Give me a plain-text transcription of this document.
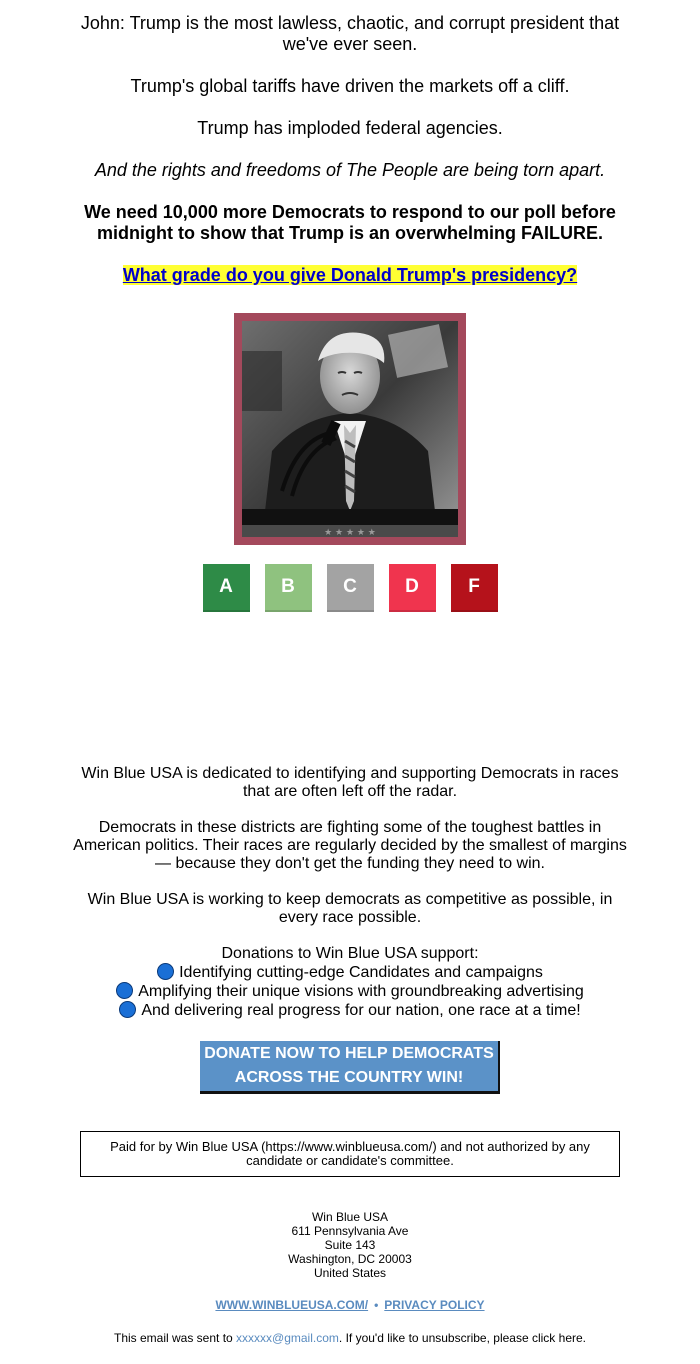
John: Trump is the most lawless, chaotic, and corrupt president that we've ever seen.

Trump's global tariffs have driven the markets off a cliff.

Trump has imploded federal agencies.

And the rights and freedoms of The People are being torn apart.

We need 10,000 more Democrats to respond to our poll before midnight to show that Trump is an overwhelming FAILURE.

What grade do you give Donald Trump's presidency?

★ ★ ★ ★ ★
A	B	C	D	F

Win Blue USA is dedicated to identifying and supporting Democrats in races that are often left off the radar.

Democrats in these districts are fighting some of the toughest battles in American politics. Their races are regularly decided by the smallest of margins — because they don't get the funding they need to win.

Win Blue USA is working to keep democrats as competitive as possible, in every race possible.

Donations to Win Blue USA support:

Identifying cutting-edge Candidates and campaigns

Amplifying their unique visions with groundbreaking advertising

And delivering real progress for our nation, one race at a time!

DONATE NOW TO HELP DEMOCRATS
ACROSS THE COUNTRY WIN!
Paid for by Win Blue USA (https://www.winblueusa.com/) and not authorized by any candidate or candidate's committee.
Win Blue USA
611 Pennsylvania Ave
Suite 143
Washington, DC 20003
United States
WWW.WINBLUEUSA.COM/ • PRIVACY POLICY
This email was sent to xxxxxx@gmail.com. If you'd like to unsubscribe, please click here.
